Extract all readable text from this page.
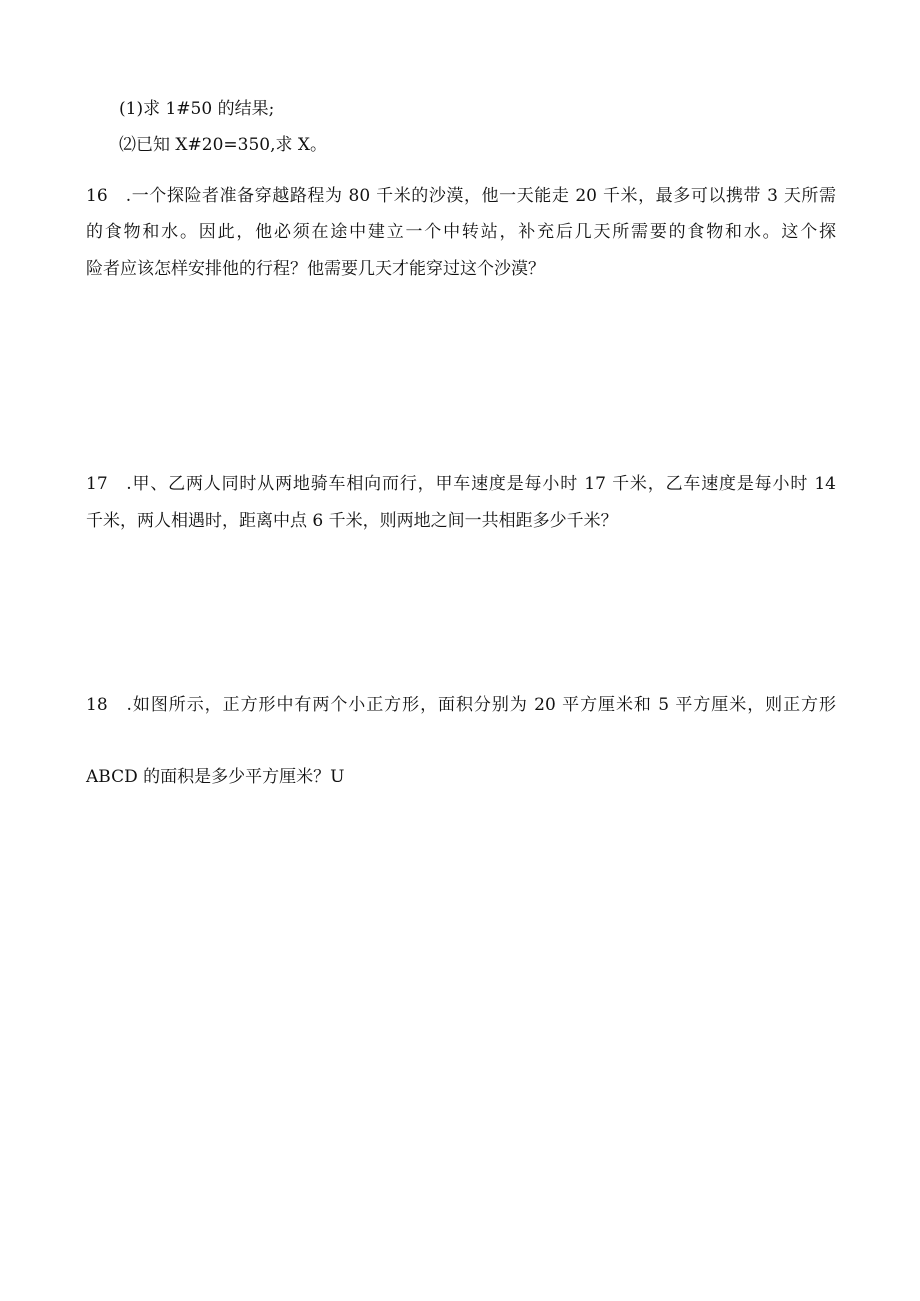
(1)求 1#50 的结果;
⑵已知 X#20=350,求 X。
16　.一个探险者准备穿越路程为 80 千米的沙漠，他一天能走 20 千米，最多可以携带 3 天所需
的食物和水。因此，他必须在途中建立一个中转站，补充后几天所需要的食物和水。这个探
险者应该怎样安排他的行程？他需要几天才能穿过这个沙漠？
17　.甲、乙两人同时从两地骑车相向而行，甲车速度是每小时 17 千米，乙车速度是每小时 14
千米，两人相遇时，距离中点 6 千米，则两地之间一共相距多少千米？
18　.如图所示，正方形中有两个小正方形，面积分别为 20 平方厘米和 5 平方厘米，则正方形
ABCD 的面积是多少平方厘米？U
